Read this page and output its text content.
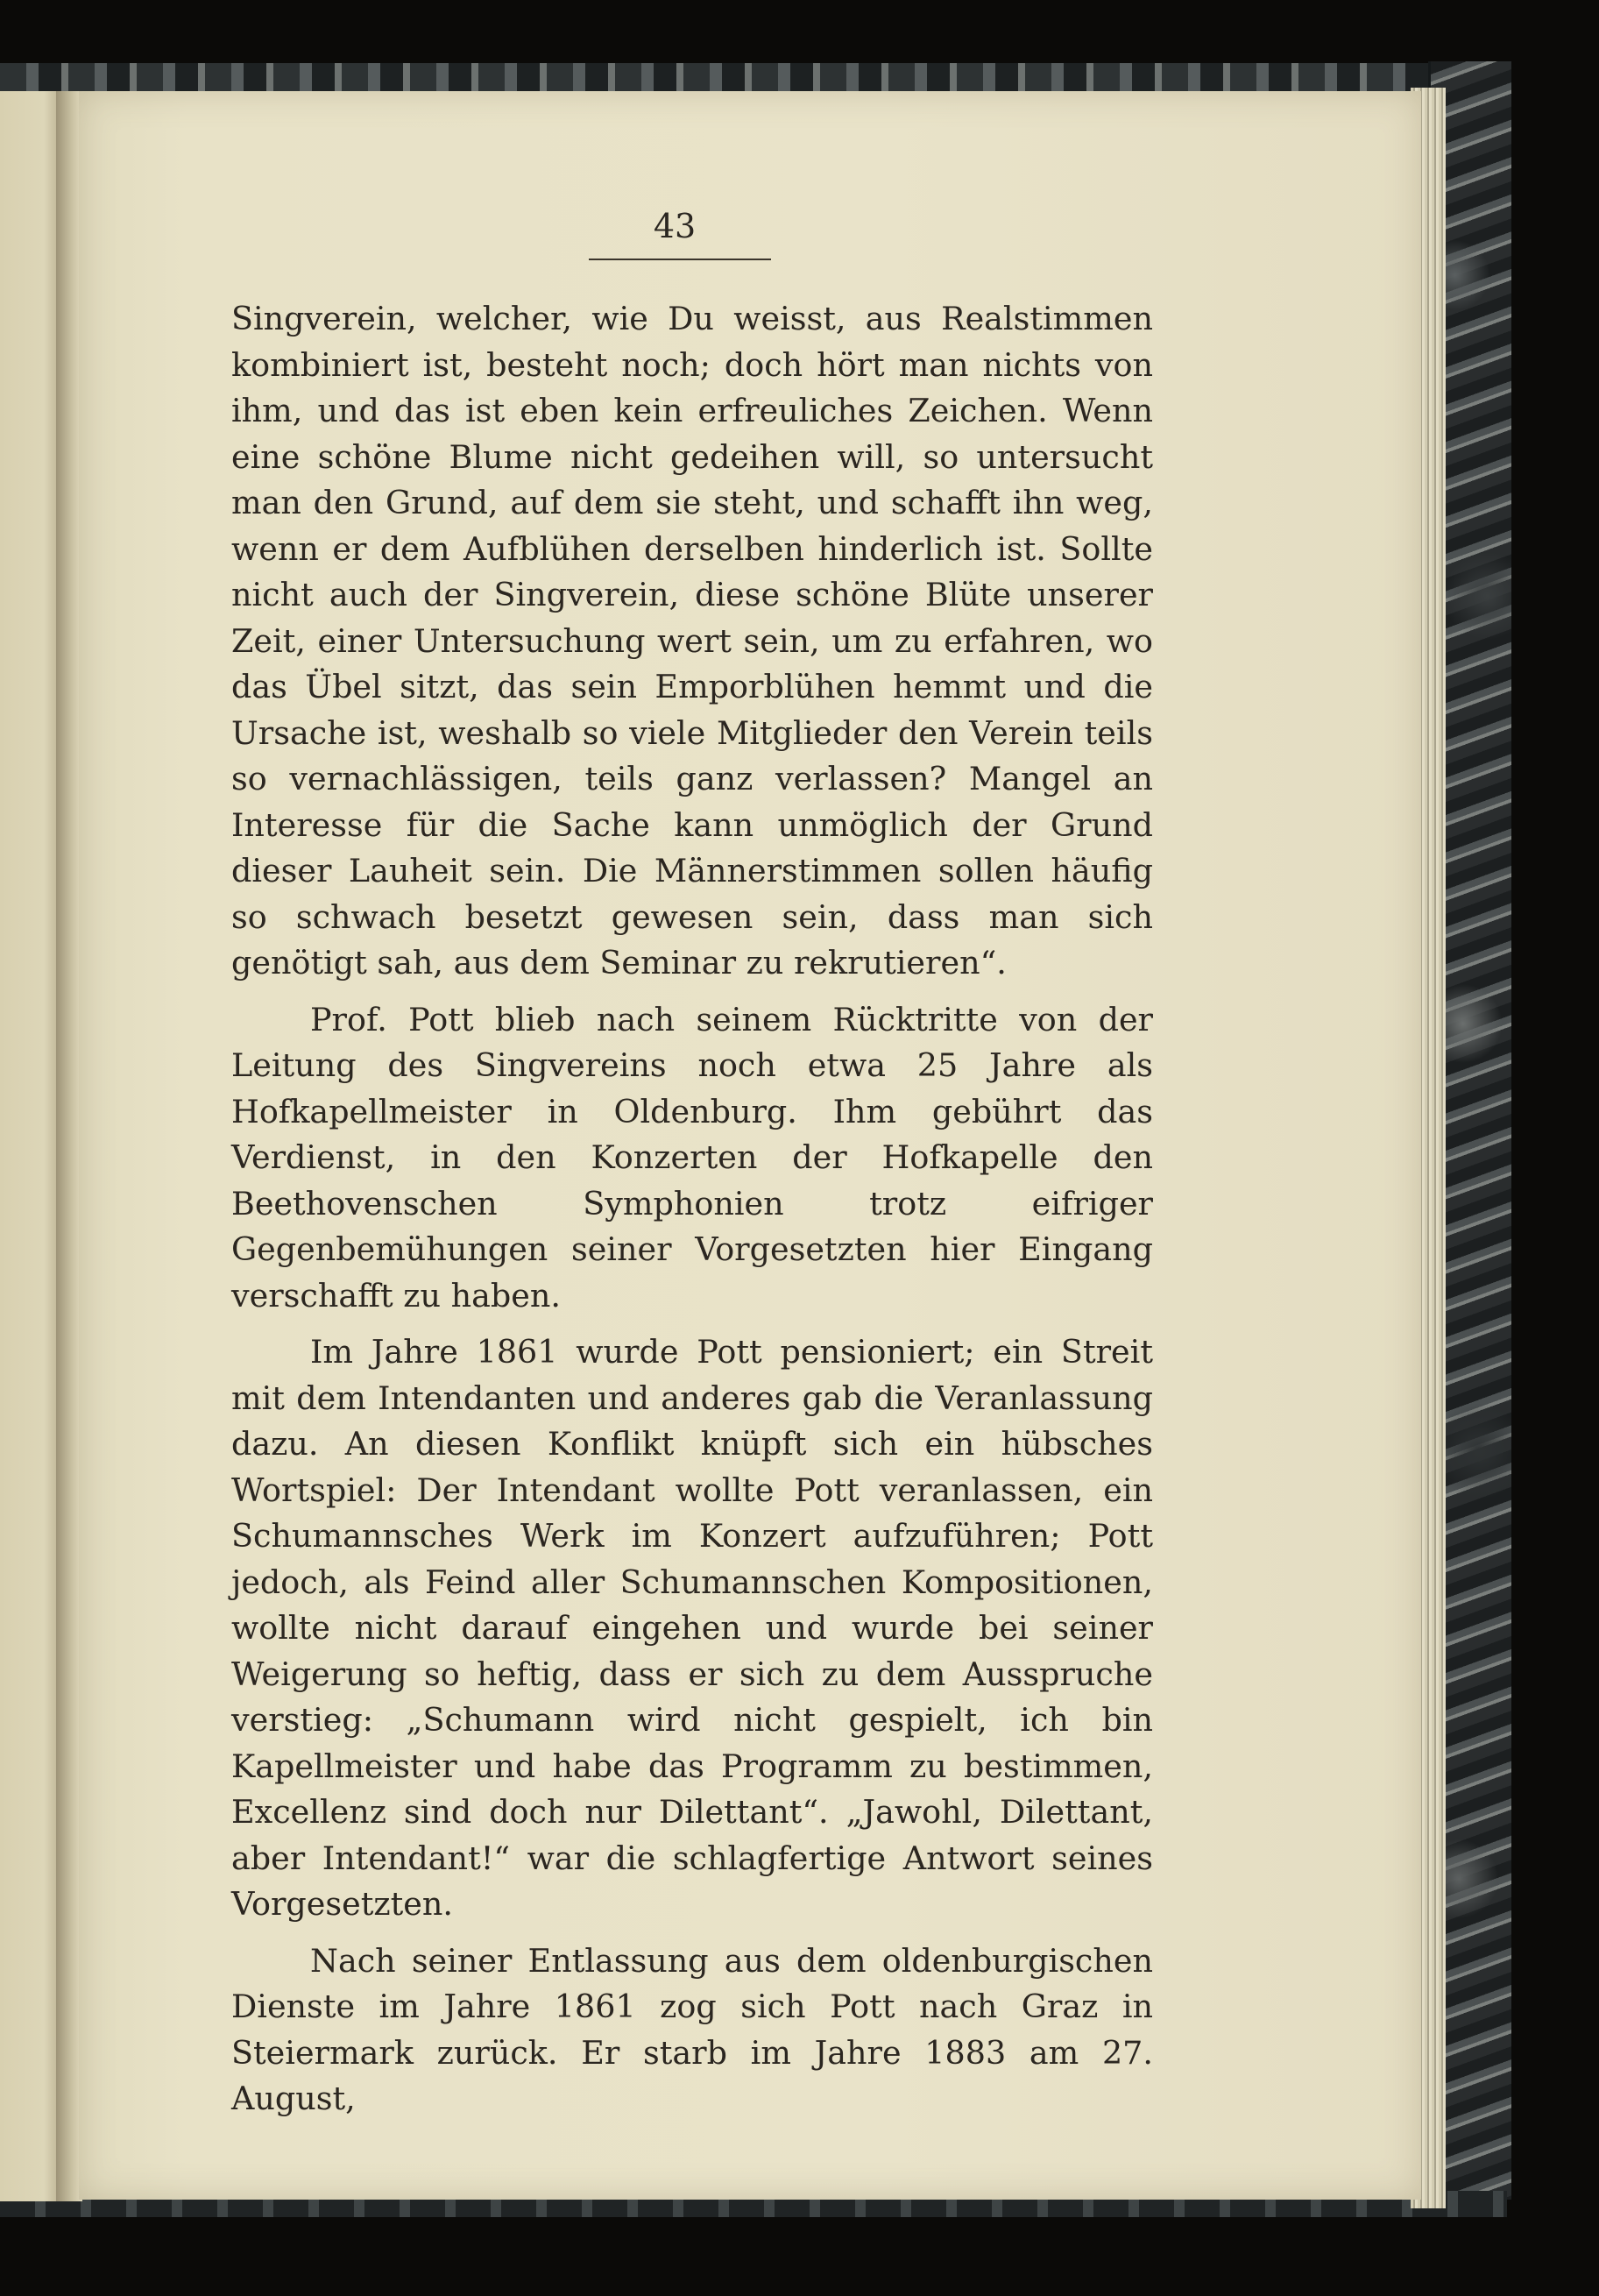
43

Singverein, welcher, wie Du weisst, aus Realstimmen kombiniert ist, besteht noch; doch hört man nichts von ihm, und das ist eben kein erfreuliches Zeichen. Wenn eine schöne Blume nicht gedeihen will, so untersucht man den Grund, auf dem sie steht, und schafft ihn weg, wenn er dem Aufblühen derselben hinderlich ist. Sollte nicht auch der Singverein, diese schöne Blüte unserer Zeit, einer Untersuchung wert sein, um zu erfahren, wo das Übel sitzt, das sein Emporblühen hemmt und die Ursache ist, weshalb so viele Mitglieder den Verein teils so vernachlässigen, teils ganz verlassen? Mangel an Interesse für die Sache kann unmöglich der Grund dieser Lauheit sein. Die Männerstimmen sollen häufig so schwach besetzt gewesen sein, dass man sich genötigt sah, aus dem Seminar zu rekrutieren“.

Prof. Pott blieb nach seinem Rücktritte von der Leitung des Singvereins noch etwa 25 Jahre als Hofkapellmeister in Oldenburg. Ihm gebührt das Verdienst, in den Konzerten der Hofkapelle den Beethovenschen Symphonien trotz eifriger Gegenbemühungen seiner Vorgesetzten hier Eingang verschafft zu haben.

Im Jahre 1861 wurde Pott pensioniert; ein Streit mit dem Intendanten und anderes gab die Veranlassung dazu. An diesen Konflikt knüpft sich ein hübsches Wortspiel: Der Intendant wollte Pott veranlassen, ein Schumannsches Werk im Konzert aufzuführen; Pott jedoch, als Feind aller Schumannschen Kompositionen, wollte nicht darauf eingehen und wurde bei seiner Weigerung so heftig, dass er sich zu dem Ausspruche verstieg: „Schumann wird nicht gespielt, ich bin Kapellmeister und habe das Programm zu bestimmen, Excellenz sind doch nur Dilettant“. „Jawohl, Dilettant, aber Intendant!“ war die schlagfertige Antwort seines Vorgesetzten.

Nach seiner Entlassung aus dem oldenburgischen Dienste im Jahre 1861 zog sich Pott nach Graz in Steiermark zurück. Er starb im Jahre 1883 am 27. August,
